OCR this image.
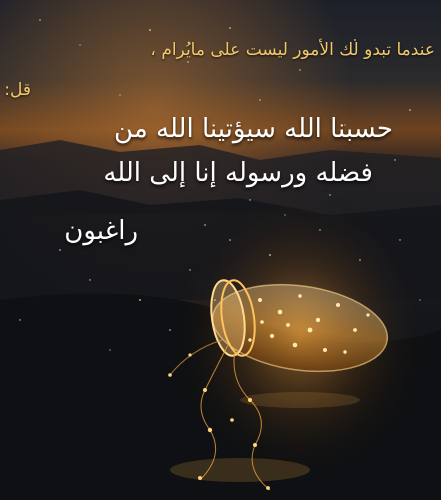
عندما تبدو لك الأمور ليست على مايُرام ،
قل:
حسبنا الله سيؤتينا الله من
فضله ورسوله إنا إلى الله
راغبون
